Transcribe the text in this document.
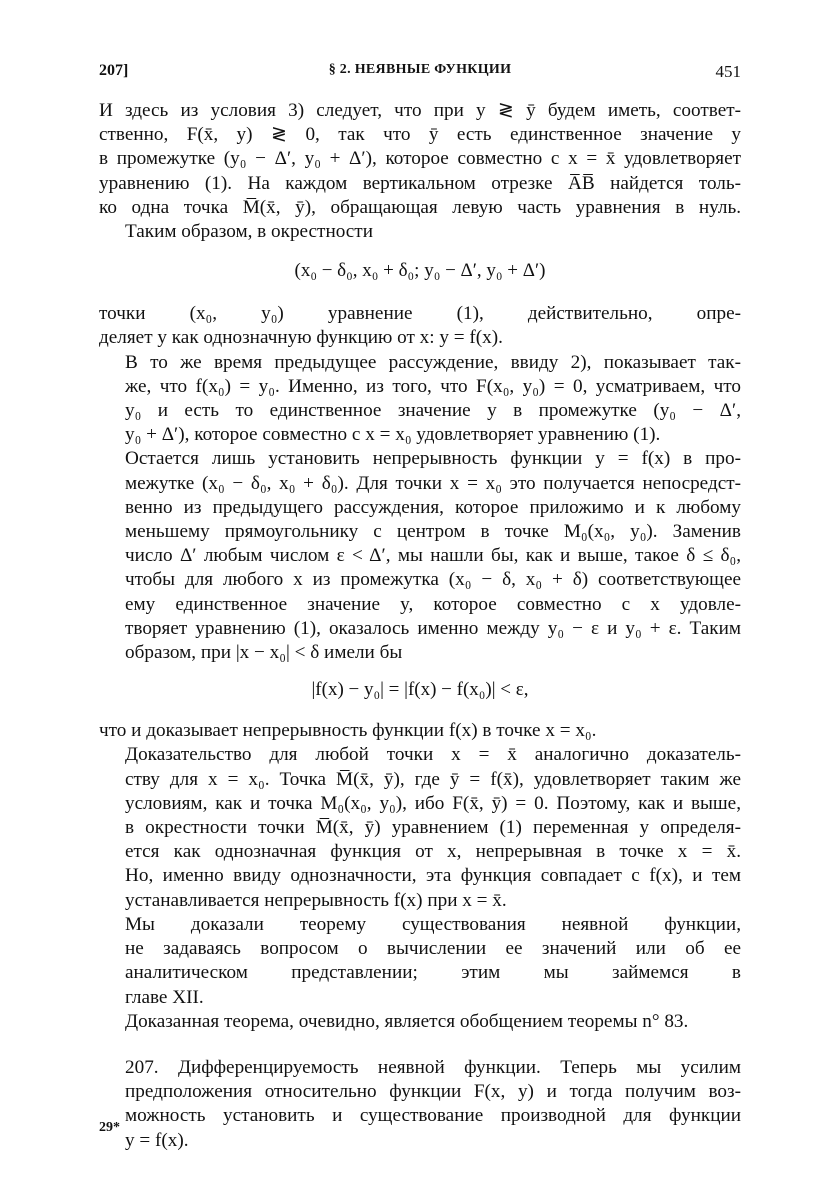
207]	§ 2. НЕЯВНЫЕ ФУНКЦИИ	451

И здесь из условия 3) следует, что при y ≷ ȳ будем иметь, соответ-
ственно, F(x̄, y) ≷ 0, так что ȳ есть единственное значение y
в промежутке (y₀ − Δ′, y₀ + Δ′), которое совместно с x = x̄ удовлетворяет
уравнению (1). На каждом вертикальном отрезке A̅B̅ найдется толь-
ко одна точка M̅(x̄, ȳ), обращающая левую часть уравнения в нуль.

Таким образом, в окрестности

(x₀ − δ₀, x₀ + δ₀; y₀ − Δ′, y₀ + Δ′)

точки (x₀, y₀) уравнение (1), действительно, опре-
деляет y как однозначную функцию от x: y = f(x).

В то же время предыдущее рассуждение, ввиду 2), показывает так-
же, что f(x₀) = y₀. Именно, из того, что F(x₀, y₀) = 0, усматриваем, что
y₀ и есть то единственное значение y в промежутке (y₀ − Δ′,
y₀ + Δ′), которое совместно с x = x₀ удовлетворяет уравнению (1).

Остается лишь установить непрерывность функции y = f(x) в про-
межутке (x₀ − δ₀, x₀ + δ₀). Для точки x = x₀ это получается непосредст-
венно из предыдущего рассуждения, которое приложимо и к любому
меньшему прямоугольнику с центром в точке M₀(x₀, y₀). Заменив
число Δ′ любым числом ε < Δ′, мы нашли бы, как и выше, такое δ ≤ δ₀,
чтобы для любого x из промежутка (x₀ − δ, x₀ + δ) соответствующее
ему единственное значение y, которое совместно с x удовле-
творяет уравнению (1), оказалось именно между y₀ − ε и y₀ + ε. Таким
образом, при |x − x₀| < δ имели бы

|f(x) − y₀| = |f(x) − f(x₀)| < ε,

что и доказывает непрерывность функции f(x) в точке x = x₀.

Доказательство для любой точки x = x̄ аналогично доказатель-
ству для x = x₀. Точка M̅(x̄, ȳ), где ȳ = f(x̄), удовлетворяет таким же
условиям, как и точка M₀(x₀, y₀), ибо F(x̄, ȳ) = 0. Поэтому, как и выше,
в окрестности точки M̅(x̄, ȳ) уравнением (1) переменная y определя-
ется как однозначная функция от x, непрерывная в точке x = x̄.
Но, именно ввиду однозначности, эта функция совпадает с f(x), и тем
устанавливается непрерывность f(x) при x = x̄.

Мы доказали теорему существования неявной функции,
не задаваясь вопросом о вычислении ее значений или об ее
аналитическом представлении; этим мы займемся в
главе XII.

Доказанная теорема, очевидно, является обобщением теоремы n° 83.

207. Дифференцируемость неявной функции. Теперь мы усилим
предположения относительно функции F(x, y) и тогда получим воз-
можность установить и существование производной для функции
y = f(x).

29*
